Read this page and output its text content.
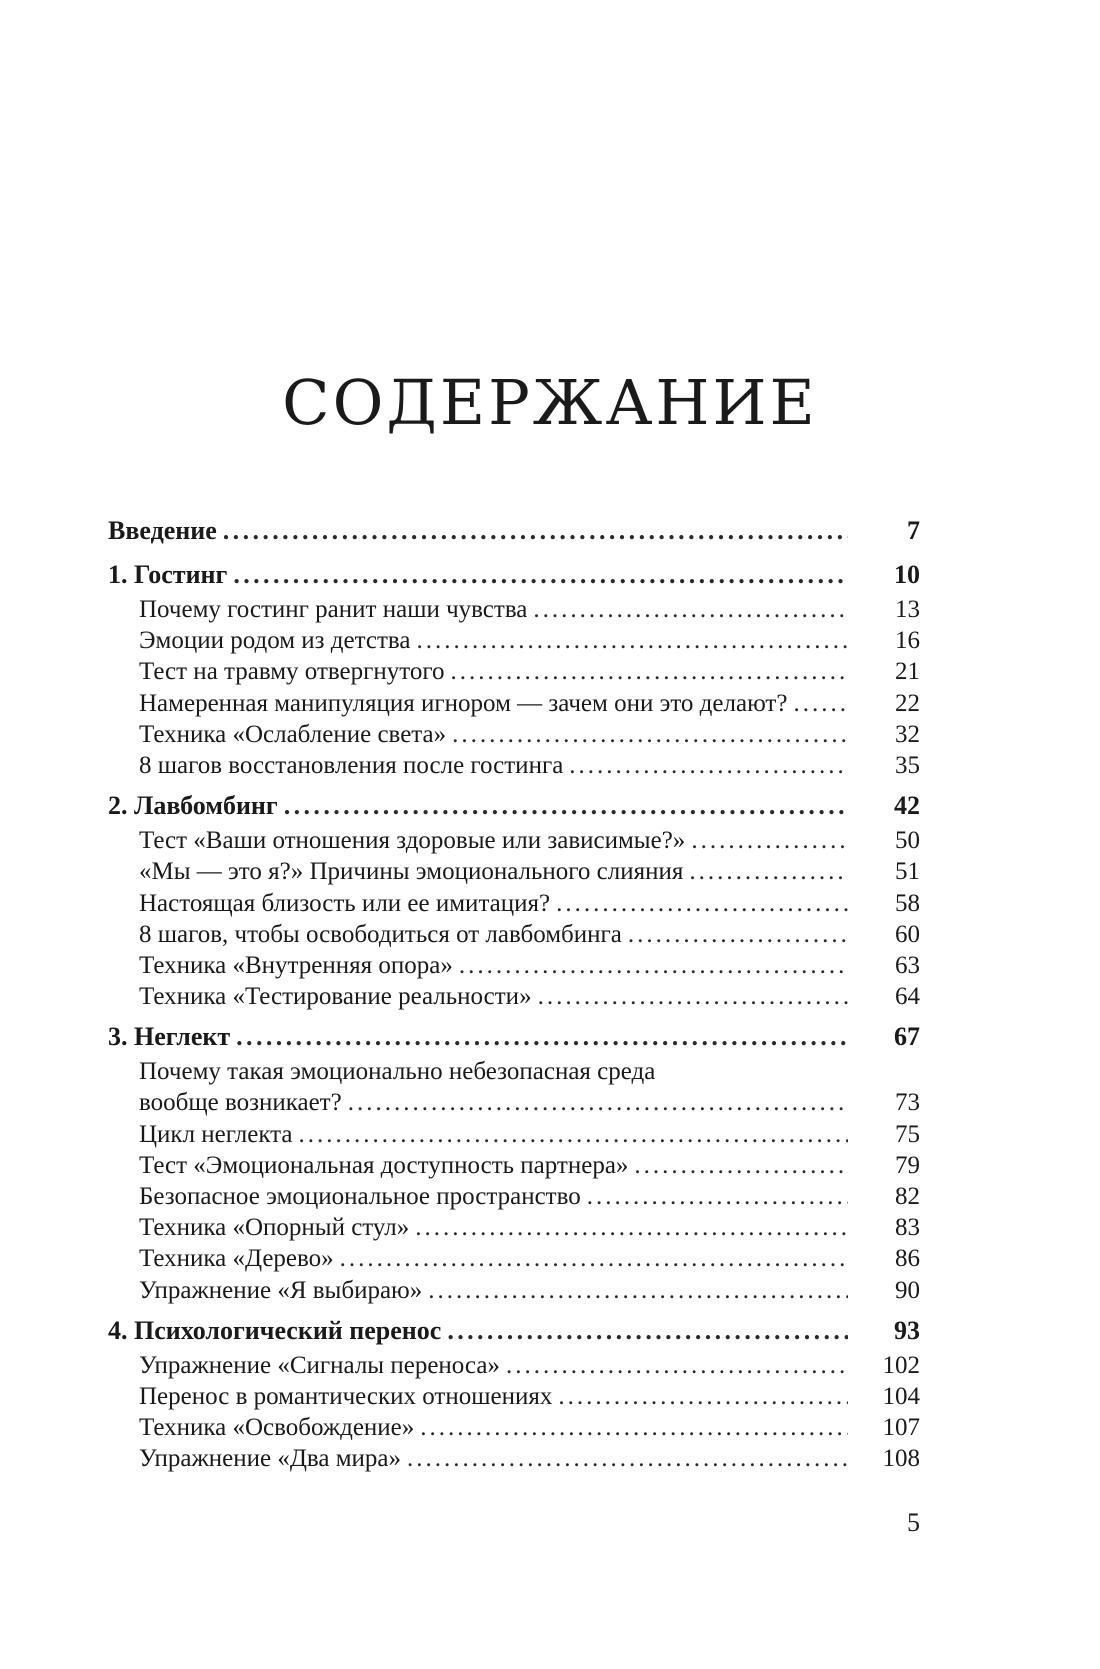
СОДЕРЖАНИЕ
Введение .....	7
1. Гостинг .....	10
Почему гостинг ранит наши чувства .....	13
Эмоции родом из детства .....	16
Тест на травму отвергнутого .....	21
Намеренная манипуляция игнором — зачем они это делают? .....	22
Техника «Ослабление света» .....	32
8 шагов восстановления после гостинга .....	35
2. Лавбомбинг .....	42
Тест «Ваши отношения здоровые или зависимые?» .....	50
«Мы — это я?» Причины эмоционального слияния .....	51
Настоящая близость или ее имитация? .....	58
8 шагов, чтобы освободиться от лавбомбинга .....	60
Техника «Внутренняя опора» .....	63
Техника «Тестирование реальности» .....	64
3. Неглект .....	67
Почему такая эмоционально небезопасная среда
вообще возникает? .....	73
Цикл неглекта .....	75
Тест «Эмоциональная доступность партнера» .....	79
Безопасное эмоциональное пространство .....	82
Техника «Опорный стул» .....	83
Техника «Дерево» .....	86
Упражнение «Я выбираю» .....	90
4. Психологический перенос .....	93
Упражнение «Сигналы переноса» .....	102
Перенос в романтических отношениях .....	104
Техника «Освобождение» .....	107
Упражнение «Два мира» .....	108
5
